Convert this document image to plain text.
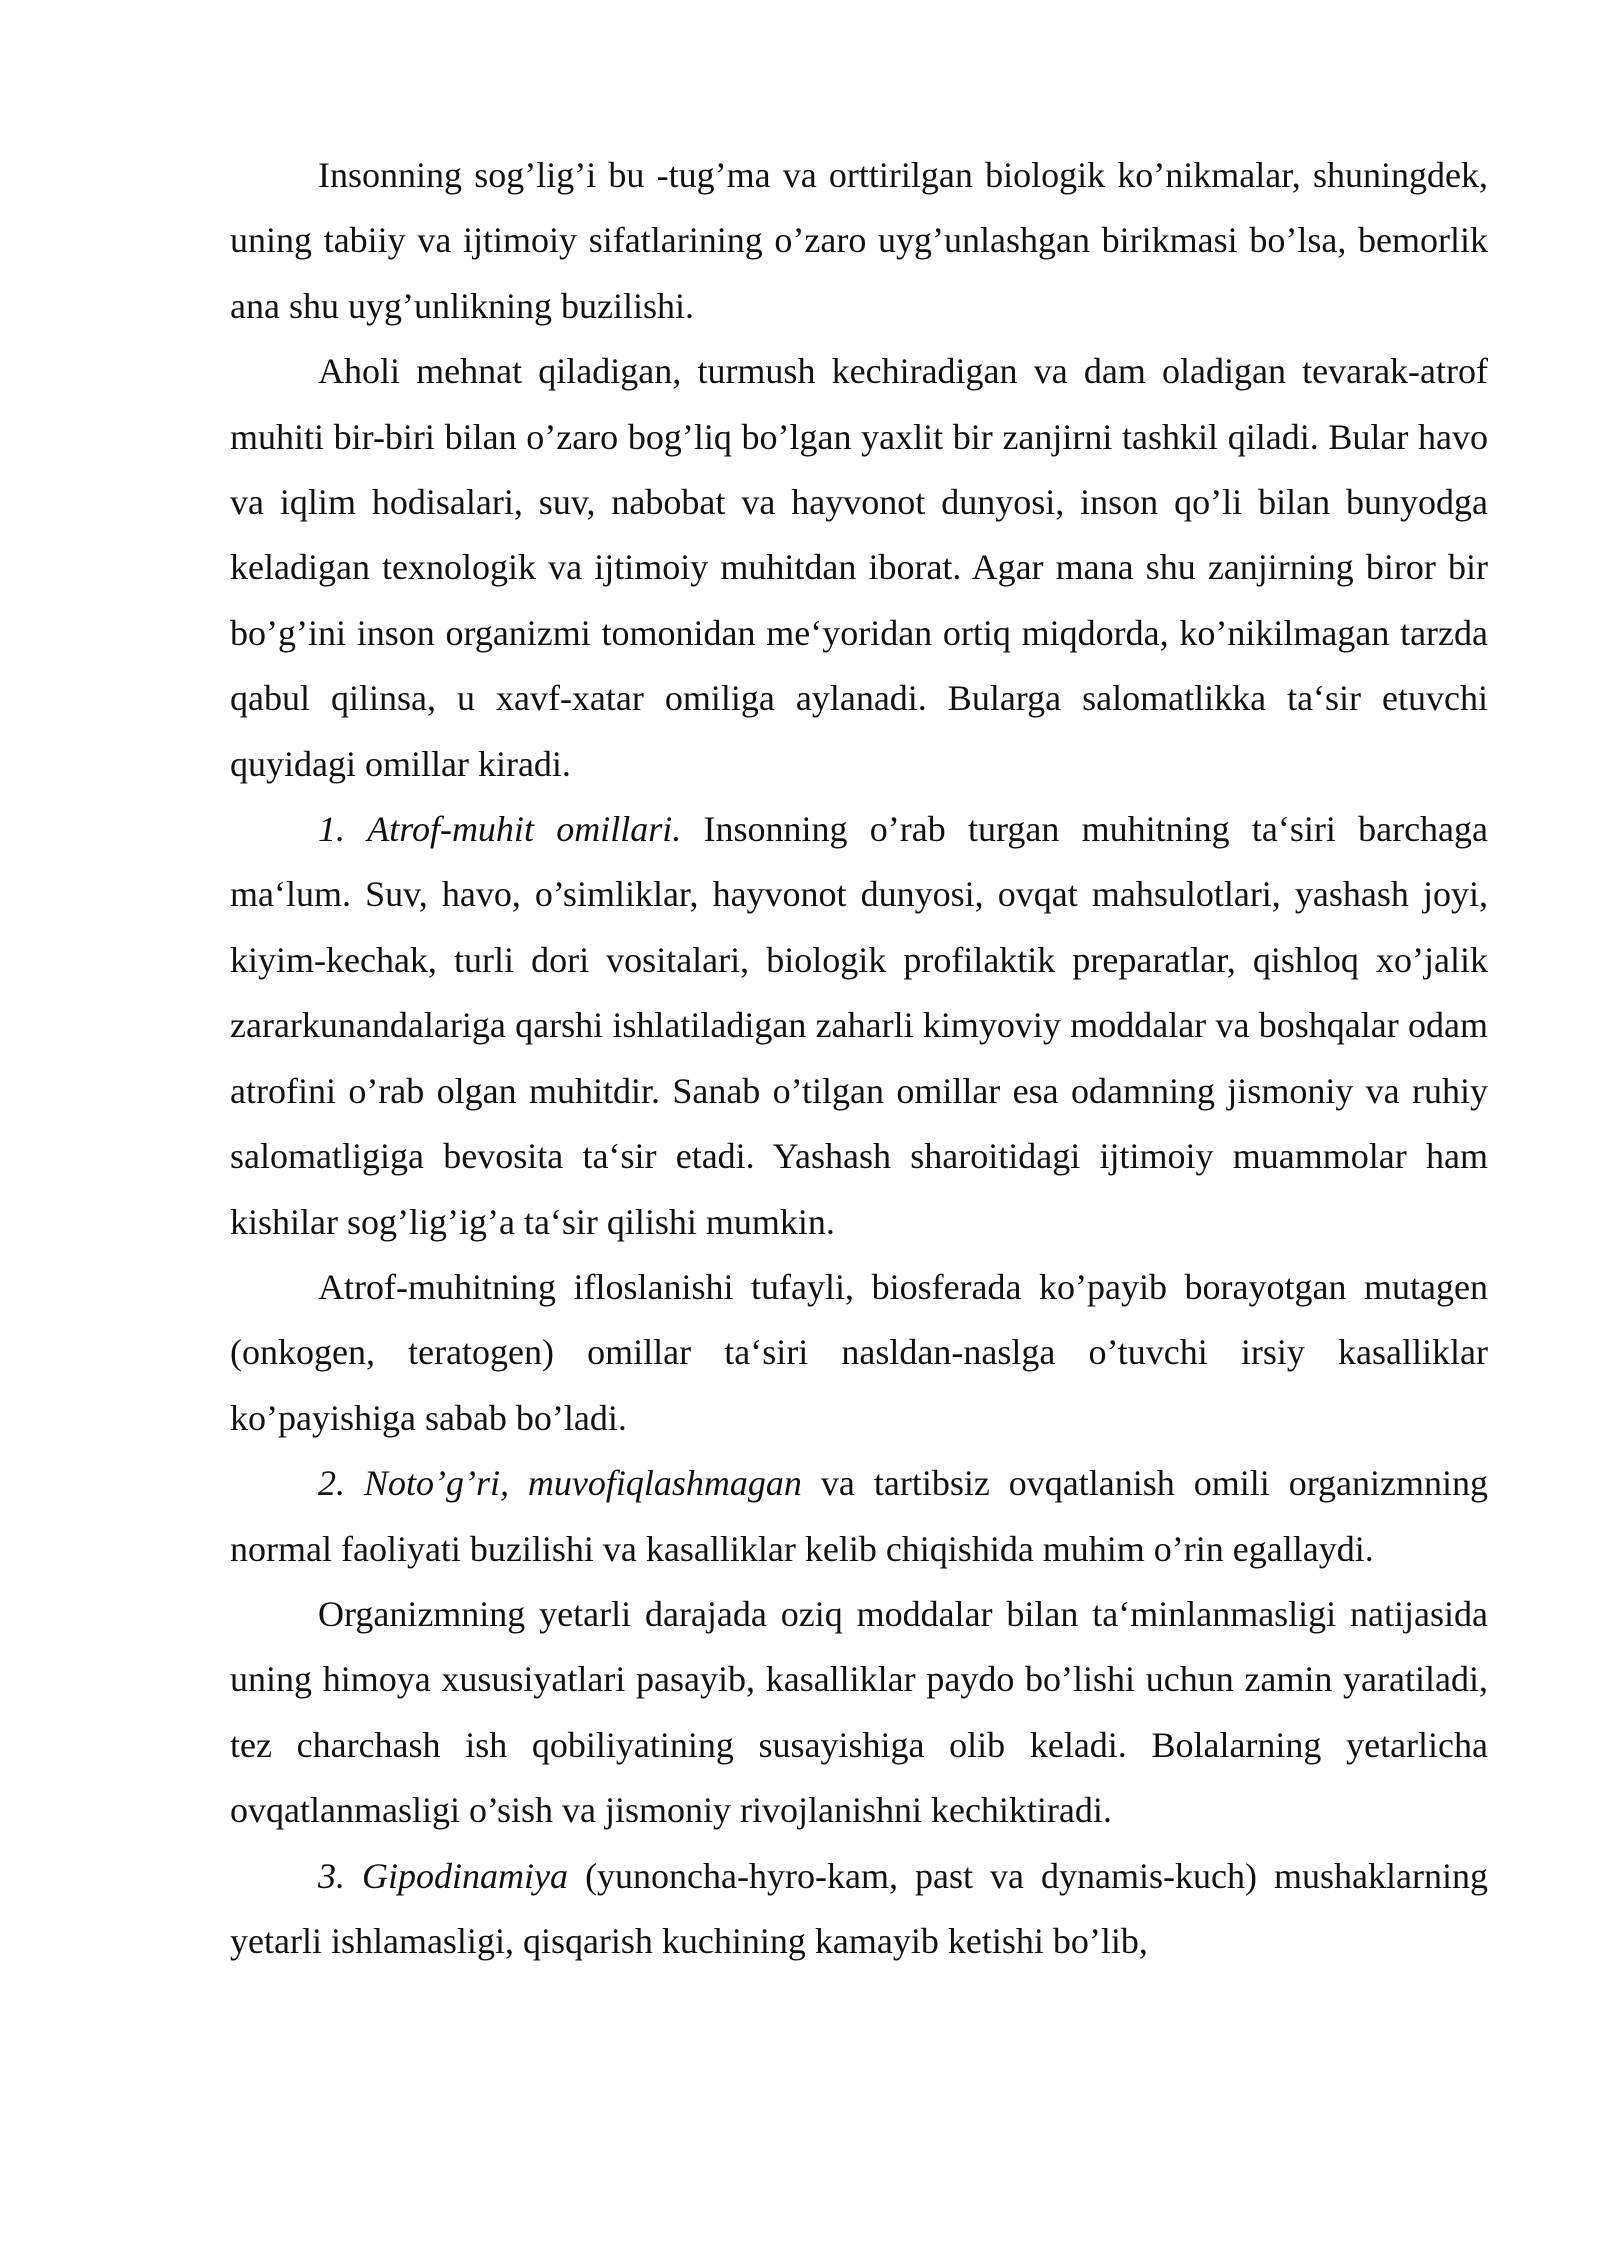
Insonning sog’lig’i bu -tug’ma va orttirilgan biologik ko’nikmalar, shuningdek, uning tabiiy va ijtimoiy sifatlarining o’zaro uyg’unlashgan birikmasi bo’lsa, bemorlik ana shu uyg’unlikning buzilishi.

Aholi mehnat qiladigan, turmush kechiradigan va dam oladigan tevarak-atrof muhiti bir-biri bilan o’zaro bog’liq bo’lgan yaxlit bir zanjirni tashkil qiladi. Bular havo va iqlim hodisalari, suv, nabobat va hayvonot dunyosi, inson qo’li bilan bunyodga keladigan texnologik va ijtimoiy muhitdan iborat. Agar mana shu zanjirning biror bir bo’g’ini inson organizmi tomonidan me‘yoridan ortiq miqdorda, ko’nikilmagan tarzda qabul qilinsa, u xavf-xatar omiliga aylanadi. Bularga salomatlikka ta‘sir etuvchi quyidagi omillar kiradi.

1. Atrof-muhit omillari. Insonning o’rab turgan muhitning ta‘siri barchaga ma‘lum. Suv, havo, o’simliklar, hayvonot dunyosi, ovqat mahsulotlari, yashash joyi, kiyim-kechak, turli dori vositalari, biologik profilaktik preparatlar, qishloq xo’jalik zararkunandalariga qarshi ishlatiladigan zaharli kimyoviy moddalar va boshqalar odam atrofini o’rab olgan muhitdir. Sanab o’tilgan omillar esa odamning jismoniy va ruhiy salomatligiga bevosita ta‘sir etadi. Yashash sharoitidagi ijtimoiy muammolar ham kishilar sog’lig’ig’a ta‘sir qilishi mumkin.

Atrof-muhitning ifloslanishi tufayli, biosferada ko’payib borayotgan mutagen (onkogen, teratogen) omillar ta‘siri nasldan-naslga o’tuvchi irsiy kasalliklar ko’payishiga sabab bo’ladi.

2. Noto’g’ri, muvofiqlashmagan va tartibsiz ovqatlanish omili organizmning normal faoliyati buzilishi va kasalliklar kelib chiqishida muhim o’rin egallaydi.

Organizmning yetarli darajada oziq moddalar bilan ta‘minlanmasligi natijasida uning himoya xususiyatlari pasayib, kasalliklar paydo bo’lishi uchun zamin yaratiladi, tez charchash ish qobiliyatining susayishiga olib keladi. Bolalarning yetarlicha ovqatlanmasligi o’sish va jismoniy rivojlanishni kechiktiradi.

3. Gipodinamiya (yunoncha-hyro-kam, past va dynamis-kuch) mushaklarning yetarli ishlamasligi, qisqarish kuchining kamayib ketishi bo’lib,
